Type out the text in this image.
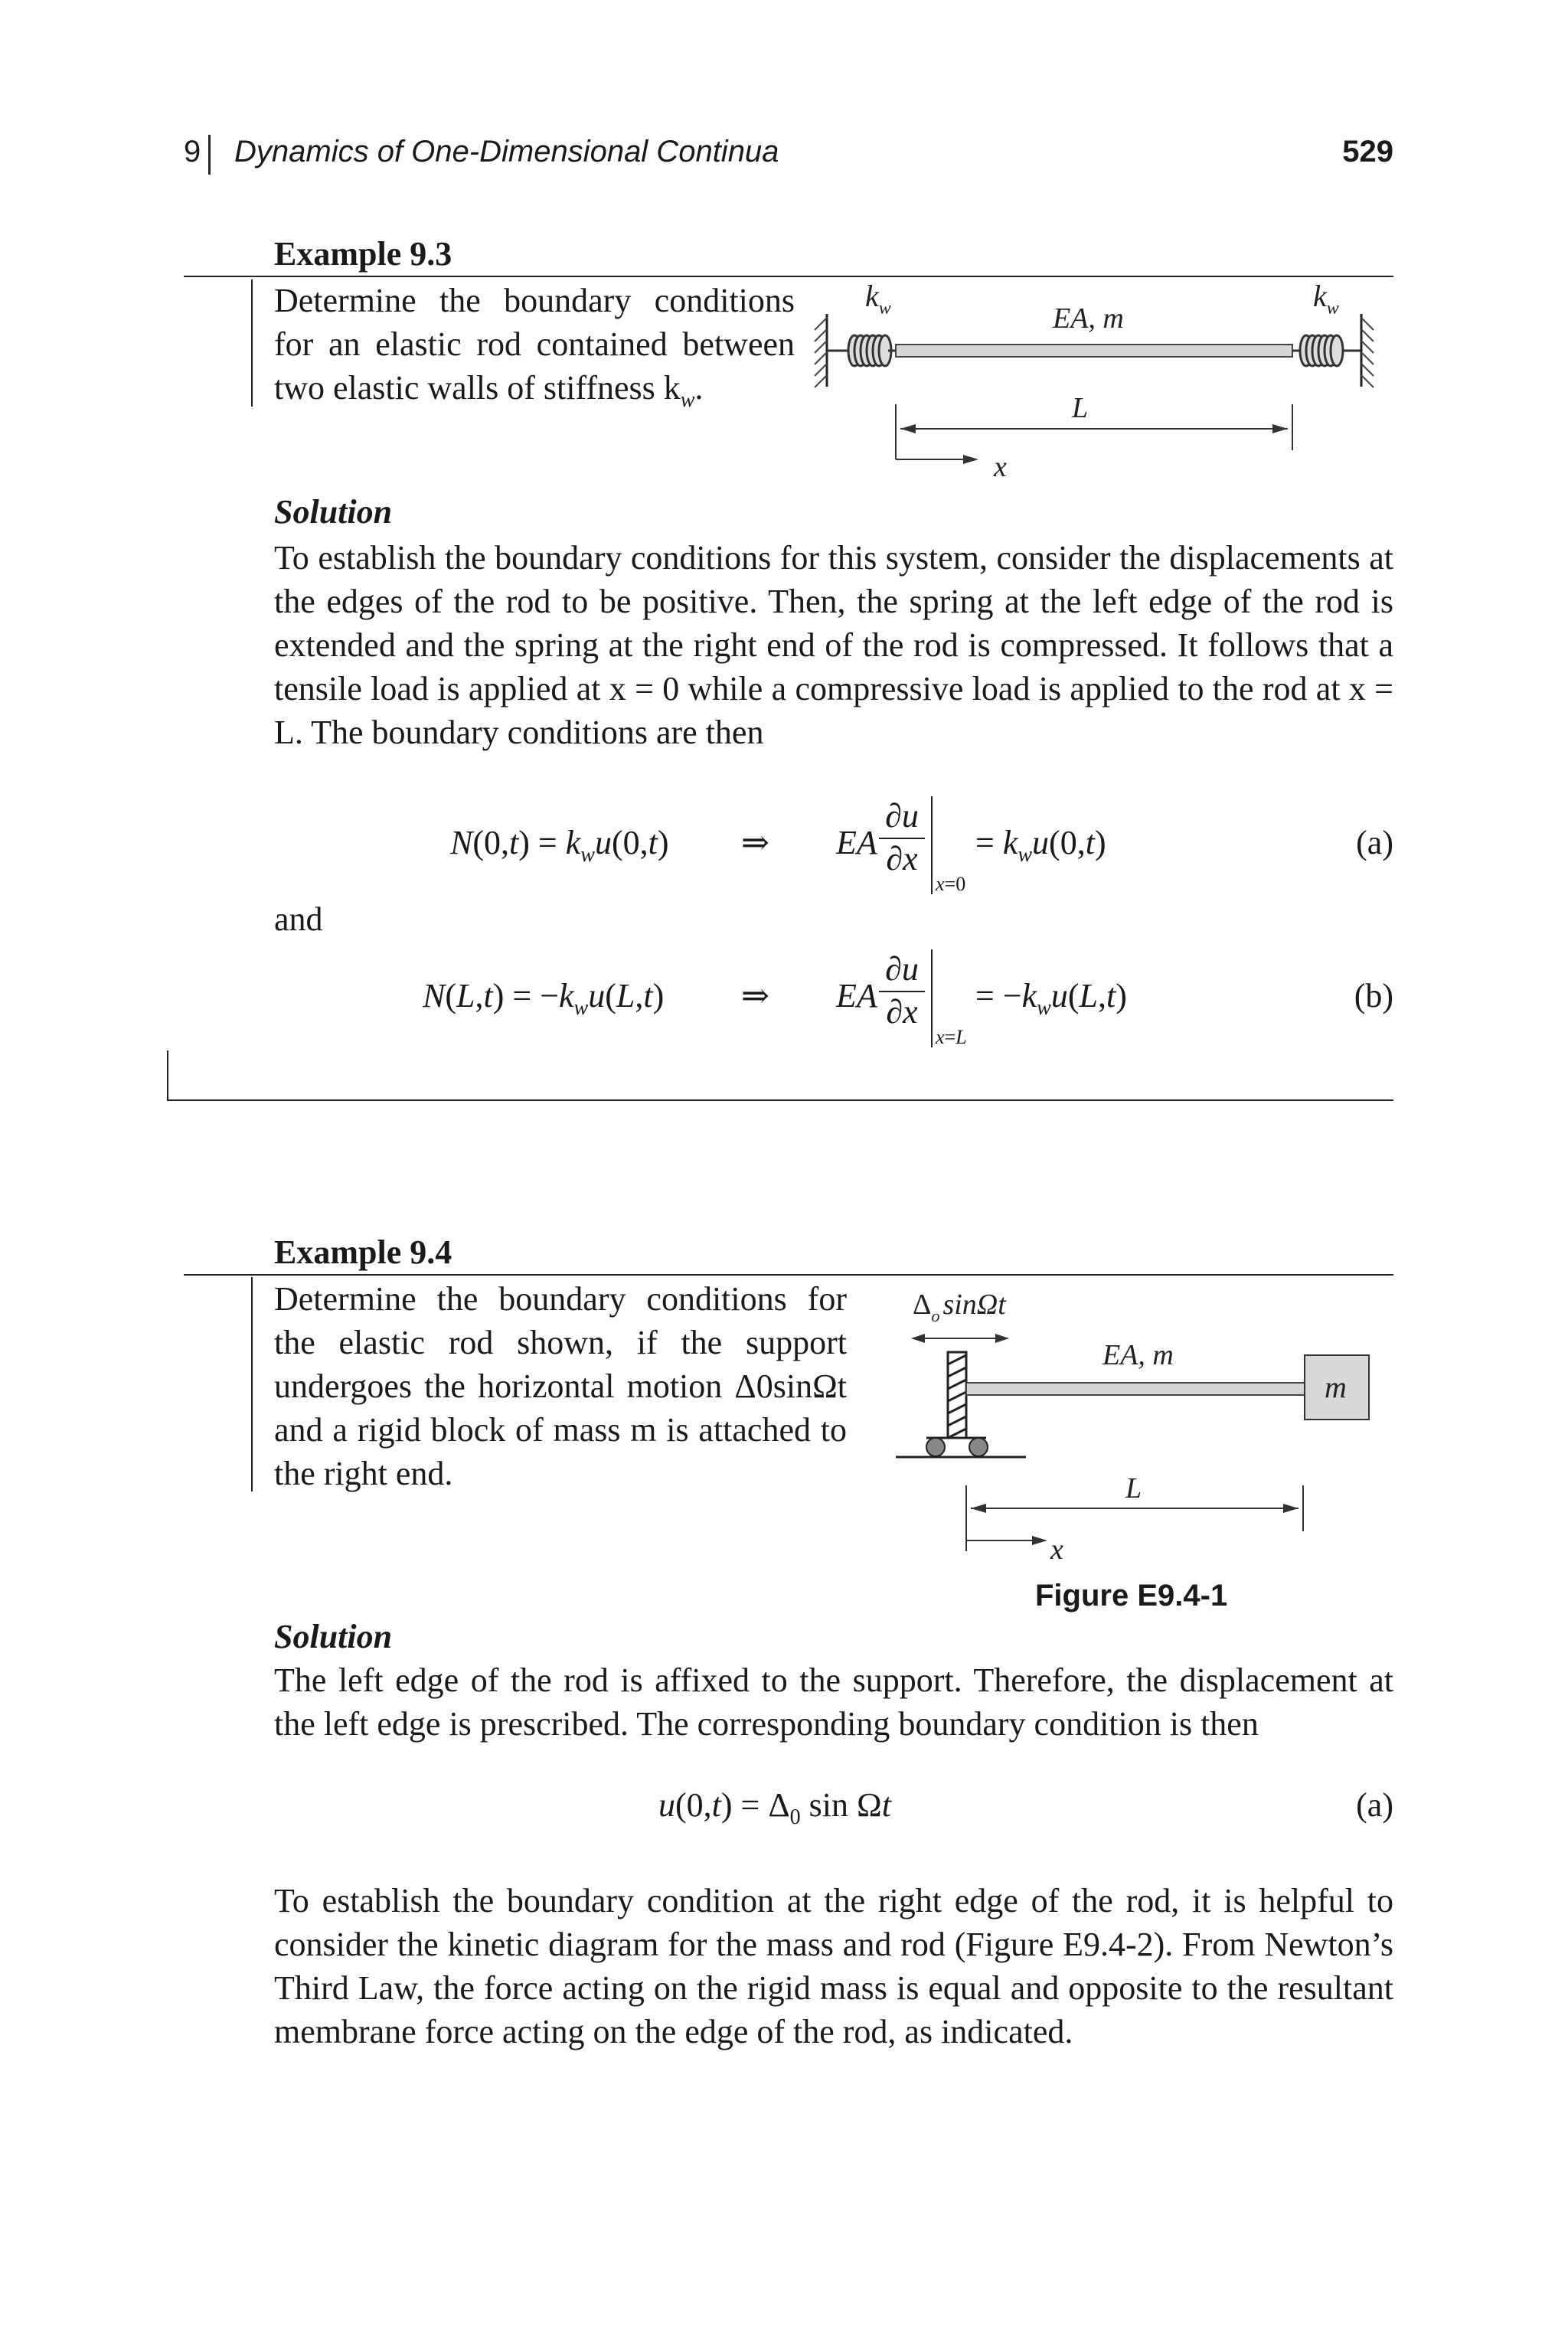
9 Dynamics of One-Dimensional Continua	529
Example 9.3
Determine the boundary conditions
for an elastic rod contained between
two elastic walls of stiffness $k_w$.
$k_w$	$k_w$
EA, m
L
x
Solution
To establish the boundary conditions for this system, consider the displacements at the edges of the rod to be positive. Then, the spring at the left edge of the rod is extended and the spring at the right end of the rod is compressed. It follows that a tensile load is applied at x = 0 while a compressive load is applied to the rod at x = L. The boundary conditions are then
$N(0,t) = k_wu(0,t)$ ⇒ EA
∂u
∂x
x=0
= $k_wu(0,t)$	(a)
and
$N(L,t) = -k_wu(L,t)$ ⇒ EA
∂u
∂x
x=L
= $-k_wu(L,t)$	(b)
Example 9.4
Determine the boundary conditions for the elastic rod shown, if the support undergoes the horizontal motion Δ0sinΩt and a rigid block of mass m is attached to the right end.
$\Delta_o$ sinΩt
m
EA, m
L
x
Figure E9.4-1
Solution
The left edge of the rod is affixed to the support. Therefore, the displacement at the left edge is prescribed. The corresponding boundary condition is then
$u(0,t) = \Delta_0$ sin Ωt	(a)
To establish the boundary condition at the right edge of the rod, it is helpful to consider the kinetic diagram for the mass and rod (Figure E9.4-2). From Newton’s Third Law, the force acting on the rigid mass is equal and opposite to the resultant membrane force acting on the edge of the rod, as indicated.
